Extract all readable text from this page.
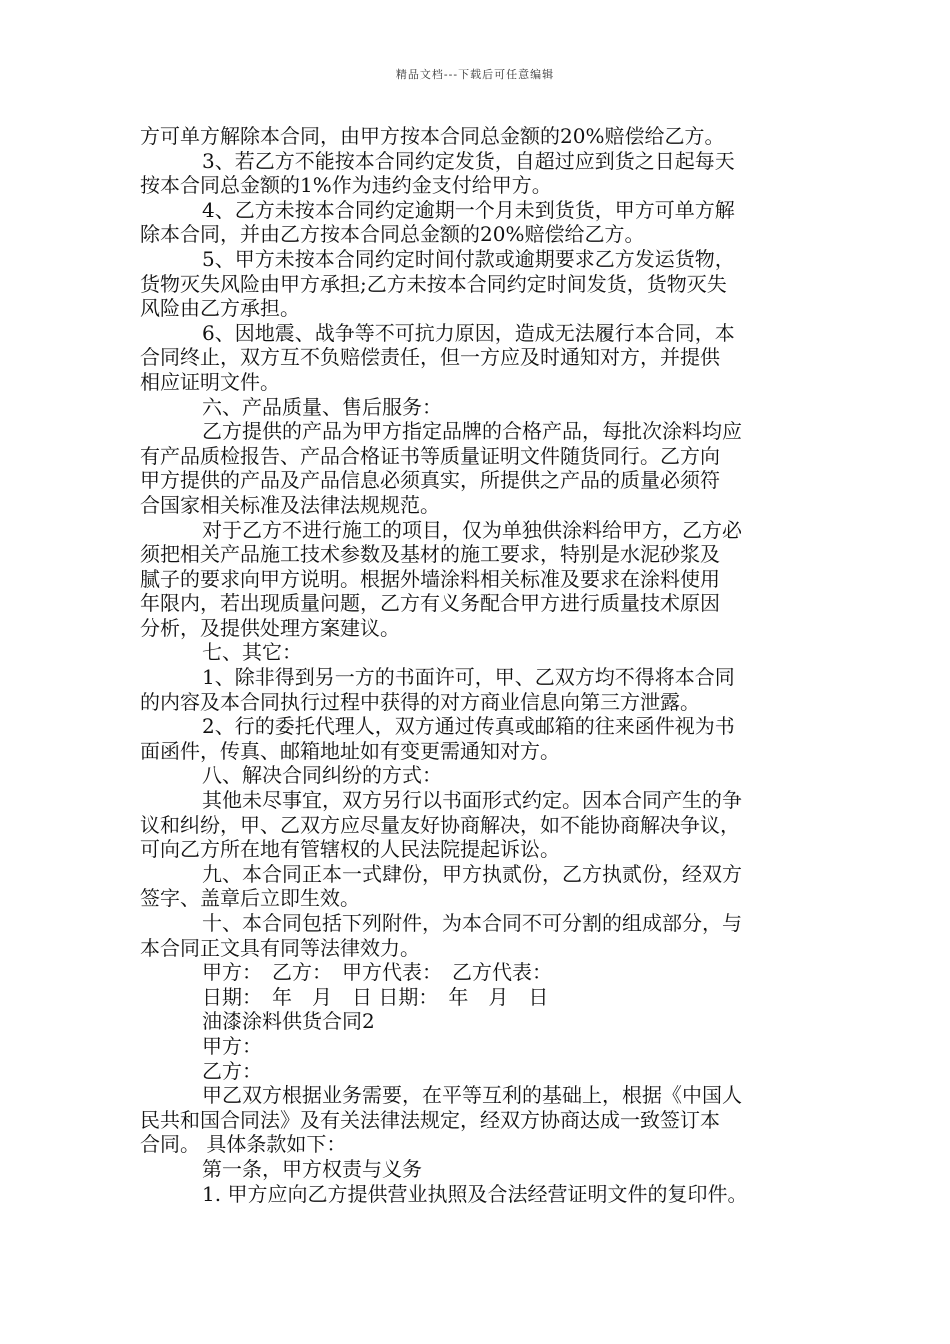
精品文档---下载后可任意编辑
方可单方解除本合同，由甲方按本合同总金额的20%赔偿给乙方。
3、若乙方不能按本合同约定发货，自超过应到货之日起每天
按本合同总金额的1%作为违约金支付给甲方。
4、乙方未按本合同约定逾期一个月未到货货，甲方可单方解
除本合同，并由乙方按本合同总金额的20%赔偿给乙方。
5、甲方未按本合同约定时间付款或逾期要求乙方发运货物，
货物灭失风险由甲方承担;乙方未按本合同约定时间发货，货物灭失
风险由乙方承担。
6、因地震、战争等不可抗力原因，造成无法履行本合同，本
合同终止，双方互不负赔偿责任，但一方应及时通知对方，并提供
相应证明文件。
六、产品质量、售后服务：
乙方提供的产品为甲方指定品牌的合格产品，每批次涂料均应
有产品质检报告、产品合格证书等质量证明文件随货同行。乙方向
甲方提供的产品及产品信息必须真实，所提供之产品的质量必须符
合国家相关标准及法律法规规范。
对于乙方不进行施工的项目，仅为单独供涂料给甲方，乙方必
须把相关产品施工技术参数及基材的施工要求，特别是水泥砂浆及
腻子的要求向甲方说明。根据外墙涂料相关标准及要求在涂料使用
年限内，若出现质量问题，乙方有义务配合甲方进行质量技术原因
分析，及提供处理方案建议。
七、其它：
1、除非得到另一方的书面许可，甲、乙双方均不得将本合同
的内容及本合同执行过程中获得的对方商业信息向第三方泄露。
2、行的委托代理人，双方通过传真或邮箱的往来函件视为书
面函件，传真、邮箱地址如有变更需通知对方。
八、解决合同纠纷的方式：
其他未尽事宜，双方另行以书面形式约定。因本合同产生的争
议和纠纷，甲、乙双方应尽量友好协商解决，如不能协商解决争议，
可向乙方所在地有管辖权的人民法院提起诉讼。
九、本合同正本一式肆份，甲方执贰份，乙方执贰份，经双方
签字、盖章后立即生效。
十、本合同包括下列附件，为本合同不可分割的组成部分，与
本合同正文具有同等法律效力。
甲方：　乙方：　甲方代表：　乙方代表：
日期：　年　月　日 日期：　年　月　日
油漆涂料供货合同2
甲方：
乙方：
甲乙双方根据业务需要，在平等互利的基础上，根据《中国人
民共和国合同法》及有关法律法规定，经双方协商达成一致签订本
合同。 具体条款如下：
第一条，甲方权责与义务
1. 甲方应向乙方提供营业执照及合法经营证明文件的复印件。
